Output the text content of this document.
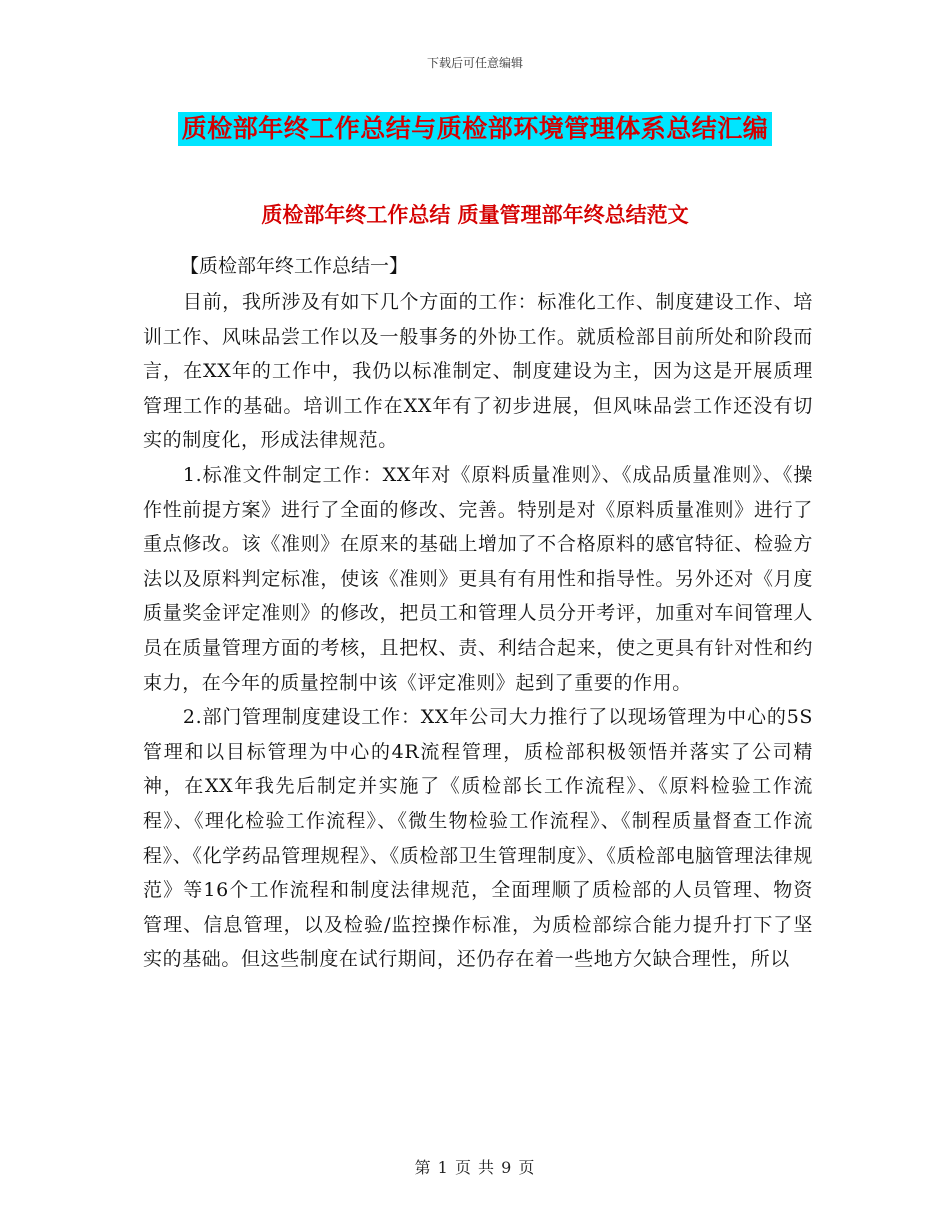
下载后可任意编辑
质检部年终工作总结与质检部环境管理体系总结汇编
质检部年终工作总结 质量管理部年终总结范文
【质检部年终工作总结一】

目前，我所涉及有如下几个方面的工作：标准化工作、制度建设工作、培训工作、风味品尝工作以及一般事务的外协工作。就质检部目前所处和阶段而言，在XX年的工作中，我仍以标准制定、制度建设为主，因为这是开展质理管理工作的基础。培训工作在XX年有了初步进展，但风味品尝工作还没有切实的制度化，形成法律规范。

1.标准文件制定工作：XX年对《原料质量准则》、《成品质量准则》、《操作性前提方案》进行了全面的修改、完善。特别是对《原料质量准则》进行了重点修改。该《准则》在原来的基础上增加了不合格原料的感官特征、检验方法以及原料判定标准，使该《准则》更具有有用性和指导性。另外还对《月度质量奖金评定准则》的修改，把员工和管理人员分开考评，加重对车间管理人员在质量管理方面的考核，且把权、责、利结合起来，使之更具有针对性和约束力，在今年的质量控制中该《评定准则》起到了重要的作用。

2.部门管理制度建设工作：XX年公司大力推行了以现场管理为中心的5S管理和以目标管理为中心的4R流程管理，质检部积极领悟并落实了公司精神，在XX年我先后制定并实施了《质检部长工作流程》、《原料检验工作流程》、《理化检验工作流程》、《微生物检验工作流程》、《制程质量督查工作流程》、《化学药品管理规程》、《质检部卫生管理制度》、《质检部电脑管理法律规范》等16个工作流程和制度法律规范，全面理顺了质检部的人员管理、物资管理、信息管理，以及检验/监控操作标准，为质检部综合能力提升打下了坚实的基础。但这些制度在试行期间，还仍存在着一些地方欠缺合理性，所以

第 1 页 共 9 页
